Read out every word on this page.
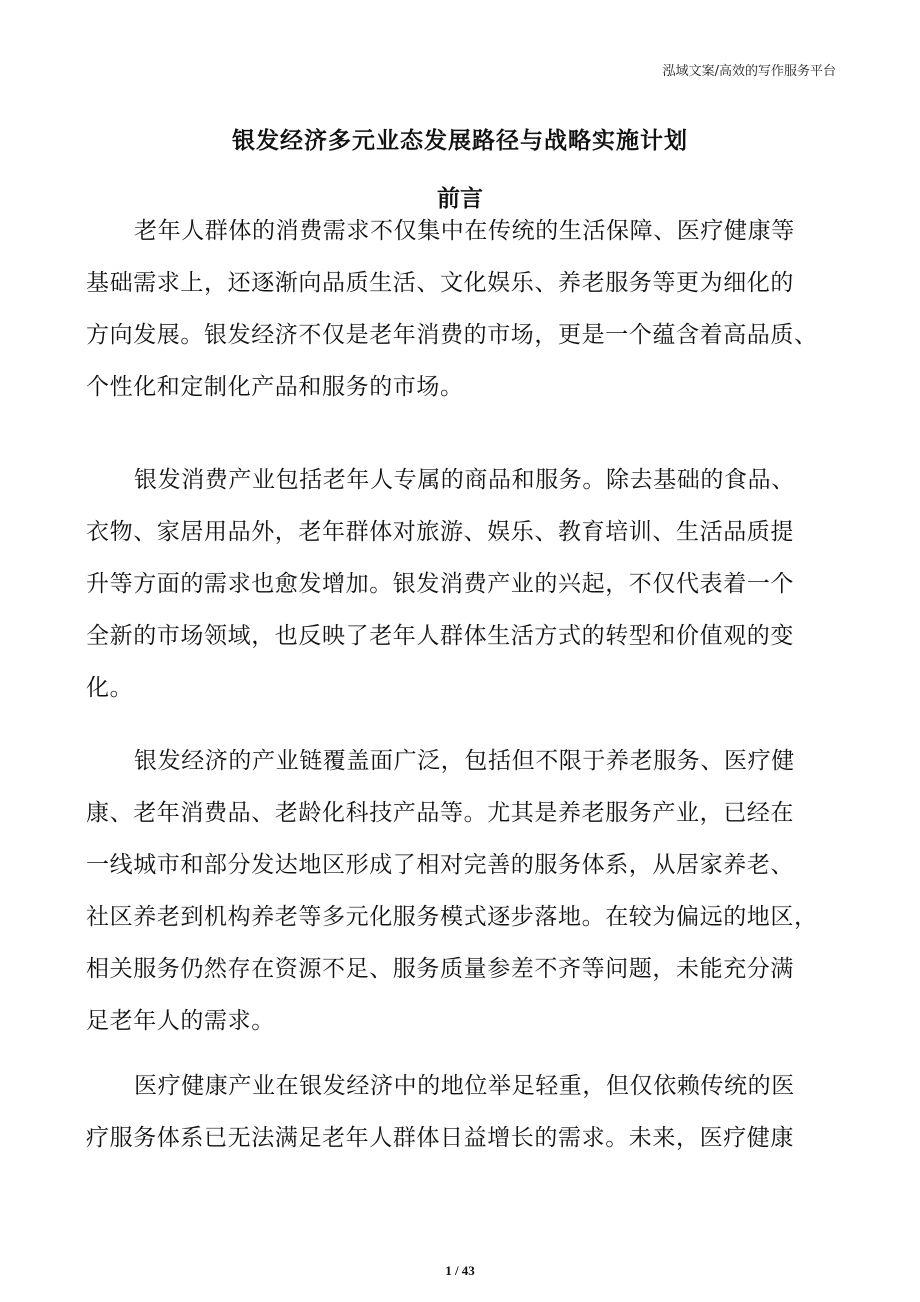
泓域文案/高效的写作服务平台
银发经济多元业态发展路径与战略实施计划
前言
老年人群体的消费需求不仅集中在传统的生活保障、医疗健康等
基础需求上，还逐渐向品质生活、文化娱乐、养老服务等更为细化的
方向发展。银发经济不仅是老年消费的市场，更是一个蕴含着高品质、
个性化和定制化产品和服务的市场。
银发消费产业包括老年人专属的商品和服务。除去基础的食品、
衣物、家居用品外，老年群体对旅游、娱乐、教育培训、生活品质提
升等方面的需求也愈发增加。银发消费产业的兴起，不仅代表着一个
全新的市场领域，也反映了老年人群体生活方式的转型和价值观的变
化。
银发经济的产业链覆盖面广泛，包括但不限于养老服务、医疗健
康、老年消费品、老龄化科技产品等。尤其是养老服务产业，已经在
一线城市和部分发达地区形成了相对完善的服务体系，从居家养老、
社区养老到机构养老等多元化服务模式逐步落地。在较为偏远的地区，
相关服务仍然存在资源不足、服务质量参差不齐等问题，未能充分满
足老年人的需求。
医疗健康产业在银发经济中的地位举足轻重，但仅依赖传统的医
疗服务体系已无法满足老年人群体日益增长的需求。未来，医疗健康
1 / 43
